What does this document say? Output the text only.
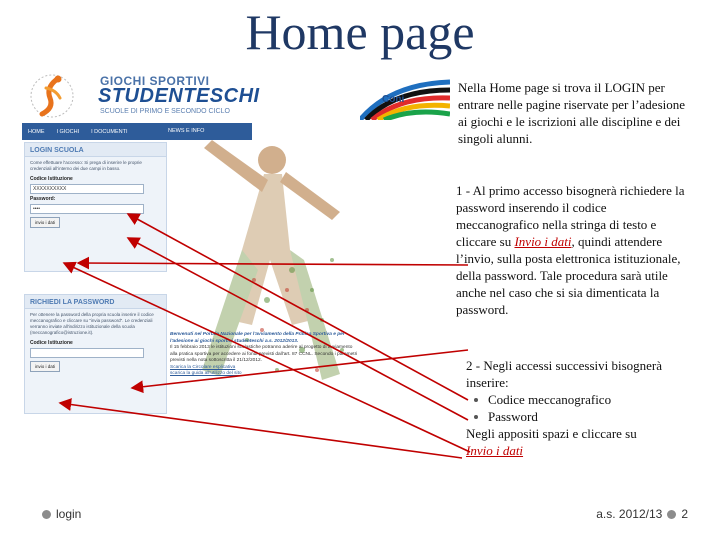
Home page
GIOCHI SPORTIVI
STUDENTESCHI
SCUOLE DI PRIMO E SECONDO CICLO
Coni
HOME	I GIOCHI	I DOCUMENTI	NEWS E INFO
LOGIN SCUOLA
Come effettuare l'accesso: Si prega di inserire le proprie credenziali all'interno dei due campi in basso.
Codice Istituzione
XXXXXXXXXX
Password:
••••
invio i dati
RICHIEDI LA PASSWORD
Per ottenere la password della propria scuola inserire il codice meccanografico e cliccare su "invia password". Le credenziali verranno inviate all'indirizzo istituzionale della scuola (meccanografico@istruzione.it).
Codice Istituzione
invio i dati
Benvenuti nel Portale Nazionale per l'avviamento della Pratica Sportiva e per l'adesione ai giochi sportivi studenteschi a.s. 2012/2013.
Il 15 febbraio 2013 le istituzioni scolastiche potranno aderire al progetto di avviamento alla pratica sportiva per accedere ai fondi previsti dall'art. 87 CCNL. Secondo i parametri previsti nella nota sottoscritta il 21/12/2012.
Scarica la Circolare esplicativa
scarica la guida all'utilizzo del sito
Nella Home page si trova il LOGIN per entrare nelle pagine riservate per l’adesione ai giochi e le iscrizioni alle discipline e dei singoli alunni.
1 - Al primo accesso bisognerà richiedere la password inserendo il codice meccanografico nella stringa di testo e cliccare su Invio i dati, quindi attendere l’invio, sulla posta elettronica istituzionale, della password. Tale procedura sarà utile anche nel caso che si sia dimenticata la password.
2 - Negli accessi successivi bisognerà inserire:
Codice meccanografico
Password
Negli appositi spazi e cliccare su
Invio i dati
login	a.s. 2012/13 2
